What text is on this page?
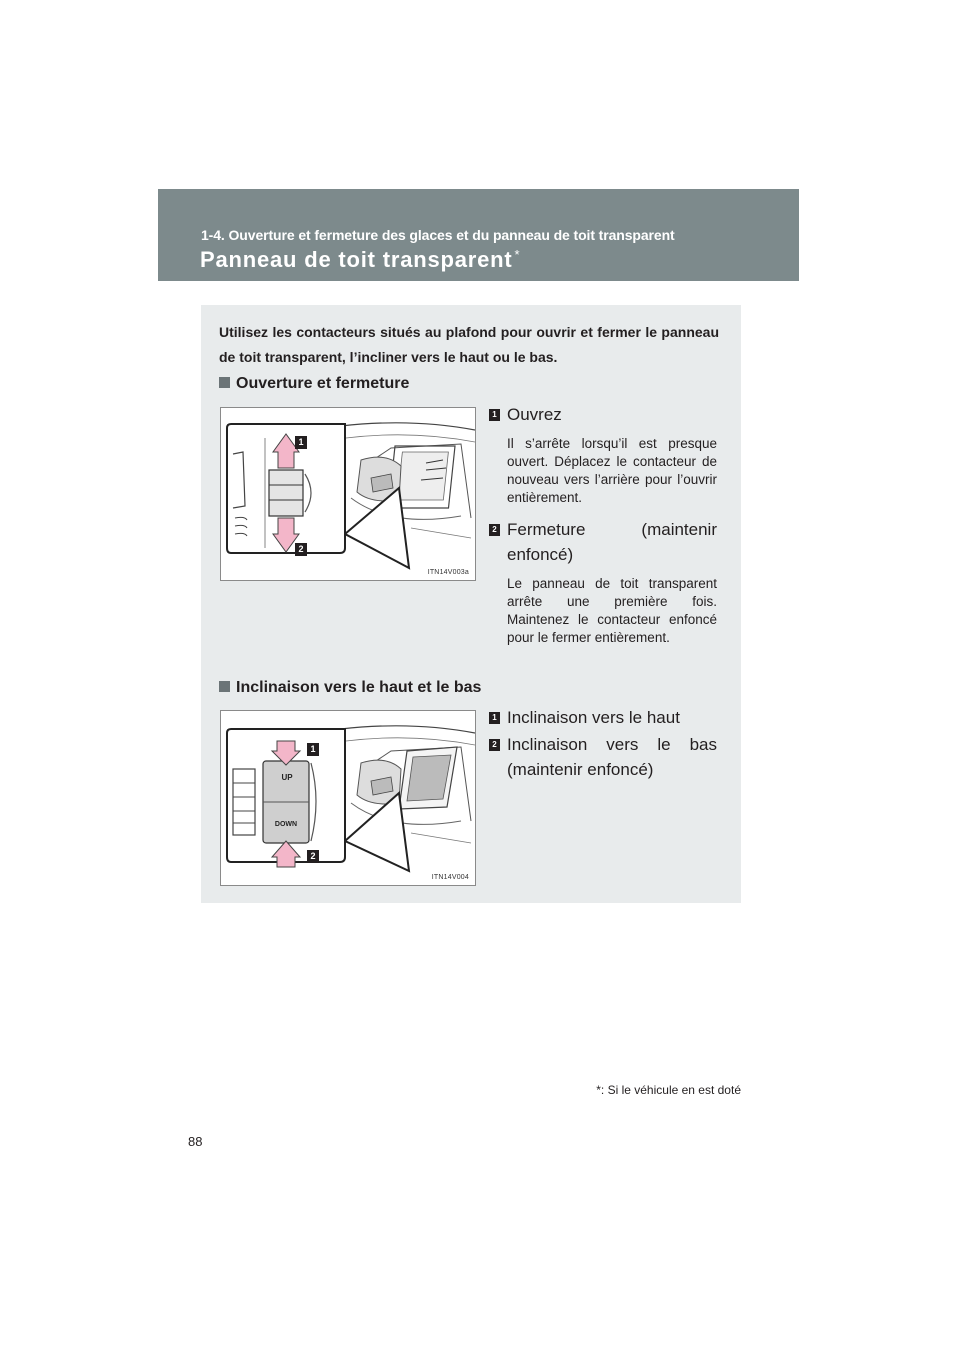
1-4. Ouverture et fermeture des glaces et du panneau de toit transparent
Panneau de toit transparent *
Utilisez les contacteurs situés au plafond pour ouvrir et fermer le panneau de toit transparent, l’incliner vers le haut ou le bas.
Ouverture et fermeture
1
2
ITN14V003a
1 Ouvrez
Il s’arrête lorsqu’il est presque ouvert. Déplacez le contacteur de nouveau vers l’arrière pour l’ouvrir entièrement.
2 Fermeture (maintenir enfoncé)
Le panneau de toit transparent arrête une première fois. Maintenez le contacteur enfoncé pour le fermer entièrement.
Inclinaison vers le haut et le bas
UP
DOWN
1
2
ITN14V004
1 Inclinaison vers le haut
2 Inclinaison vers le bas (maintenir enfoncé)
*: Si le véhicule en est doté
88
